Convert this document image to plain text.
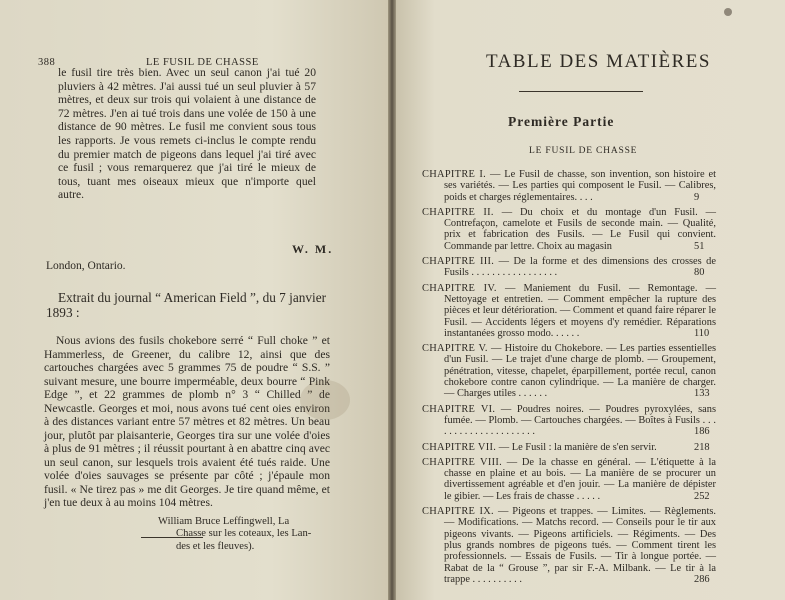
388	LE FUSIL DE CHASSE

le fusil tire très bien. Avec un seul canon j'ai tué 20 pluviers à 42 mètres. J'ai aussi tué un seul pluvier à 57 mètres, et deux sur trois qui volaient à une distance de 72 mètres. J'en ai tué trois dans une volée de 150 à une distance de 90 mètres. Le fusil me convient sous tous les rapports. Je vous remets ci-inclus le compte rendu du premier match de pigeons dans lequel j'ai tiré avec ce fusil ; vous remarquerez que j'ai tiré le mieux de tous, tuant mes oiseaux mieux que n'importe quel autre.

W. M.
London, Ontario.
Extrait du journal “ American Field ”, du 7 janvier 1893 :
Nous avions des fusils chokebore serré “ Full choke ” et Hammerless, de Greener, du calibre 12, ainsi que des cartouches chargées avec 5 grammes 75 de poudre “ S.S. ” suivant mesure, une bourre imperméable, deux bourre “ Pink Edge ”, et 22 grammes de plomb n° 3 “ Chilled ” de Newcastle. Georges et moi, nous avons tué cent oies environ à des distances variant entre 57 mètres et 82 mètres. Un beau jour, plutôt par plaisanterie, Georges tira sur une volée d'oies à plus de 91 mètres ; il réussit pourtant à en abattre cinq avec un seul canon, sur lesquels trois avaient été tués raide. Une volée d'oies sauvages se présente par côté ; j'épaule mon fusil. « Ne tirez pas » me dit Georges. Je tire quand même, et j'en tue deux à au moins 104 mètres.
William Bruce Leffingwell, La
Chasse sur les coteaux, les Lan-
des et les fleuves).
TABLE DES MATIÈRES
Première Partie
LE FUSIL DE CHASSE
CHAPITRE I. — Le Fusil de chasse, son invention, son histoire et ses variétés. — Les parties qui composent le Fusil. — Calibres, poids et charges réglementaires. . . .	9
CHAPITRE II. — Du choix et du montage d'un Fusil. — Contrefaçon, camelote et Fusils de seconde main. — Qualité, prix et fabrication des Fusils. — Le Fusil qui convient. Commande par lettre. Choix au magasin	51
CHAPITRE III. — De la forme et des dimensions des crosses de Fusils . . . . . . . . . . . . . . . . .	80
CHAPITRE IV. — Maniement du Fusil. — Remontage. — Nettoyage et entretien. — Comment empêcher la rupture des pièces et leur détérioration. — Comment et quand faire réparer le Fusil. — Accidents légers et moyens d'y remédier. Réparations instantanées grosso modo. . . . . .	110
CHAPITRE V. — Histoire du Chokebore. — Les parties essentielles d'un Fusil. — Le trajet d'une charge de plomb. — Groupement, pénétration, vitesse, chapelet, éparpillement, portée recul, canon chokebore contre canon cylindrique. — La manière de charger. — Charges utiles . . . . . .	133
CHAPITRE VI. — Poudres noires. — Poudres pyroxylées, sans fumée. — Plomb. — Cartouches chargées. — Boîtes à Fusils . . . . . . . . . . . . . . . . . . . . .	186
CHAPITRE VII. — Le Fusil : la manière de s'en servir.	218
CHAPITRE VIII. — De la chasse en général. — L'étiquette à la chasse en plaine et au bois. — La manière de se procurer un divertissement agréable et d'en jouir. — La manière de dépister le gibier. — Les frais de chasse . . . . .	252
CHAPITRE IX. — Pigeons et trappes. — Limites. — Règlements. — Modifications. — Matchs record. — Conseils pour le tir aux pigeons vivants. — Pigeons artificiels. — Régiments. — Des plus grands nombres de pigeons tués. — Comment tirent les professionnels. — Essais de Fusils. — Tir à longue portée. — Rabat de la “ Grouse ”, par sir F.-A. Milbank. — Le tir à la trappe . . . . . . . . . .	286
